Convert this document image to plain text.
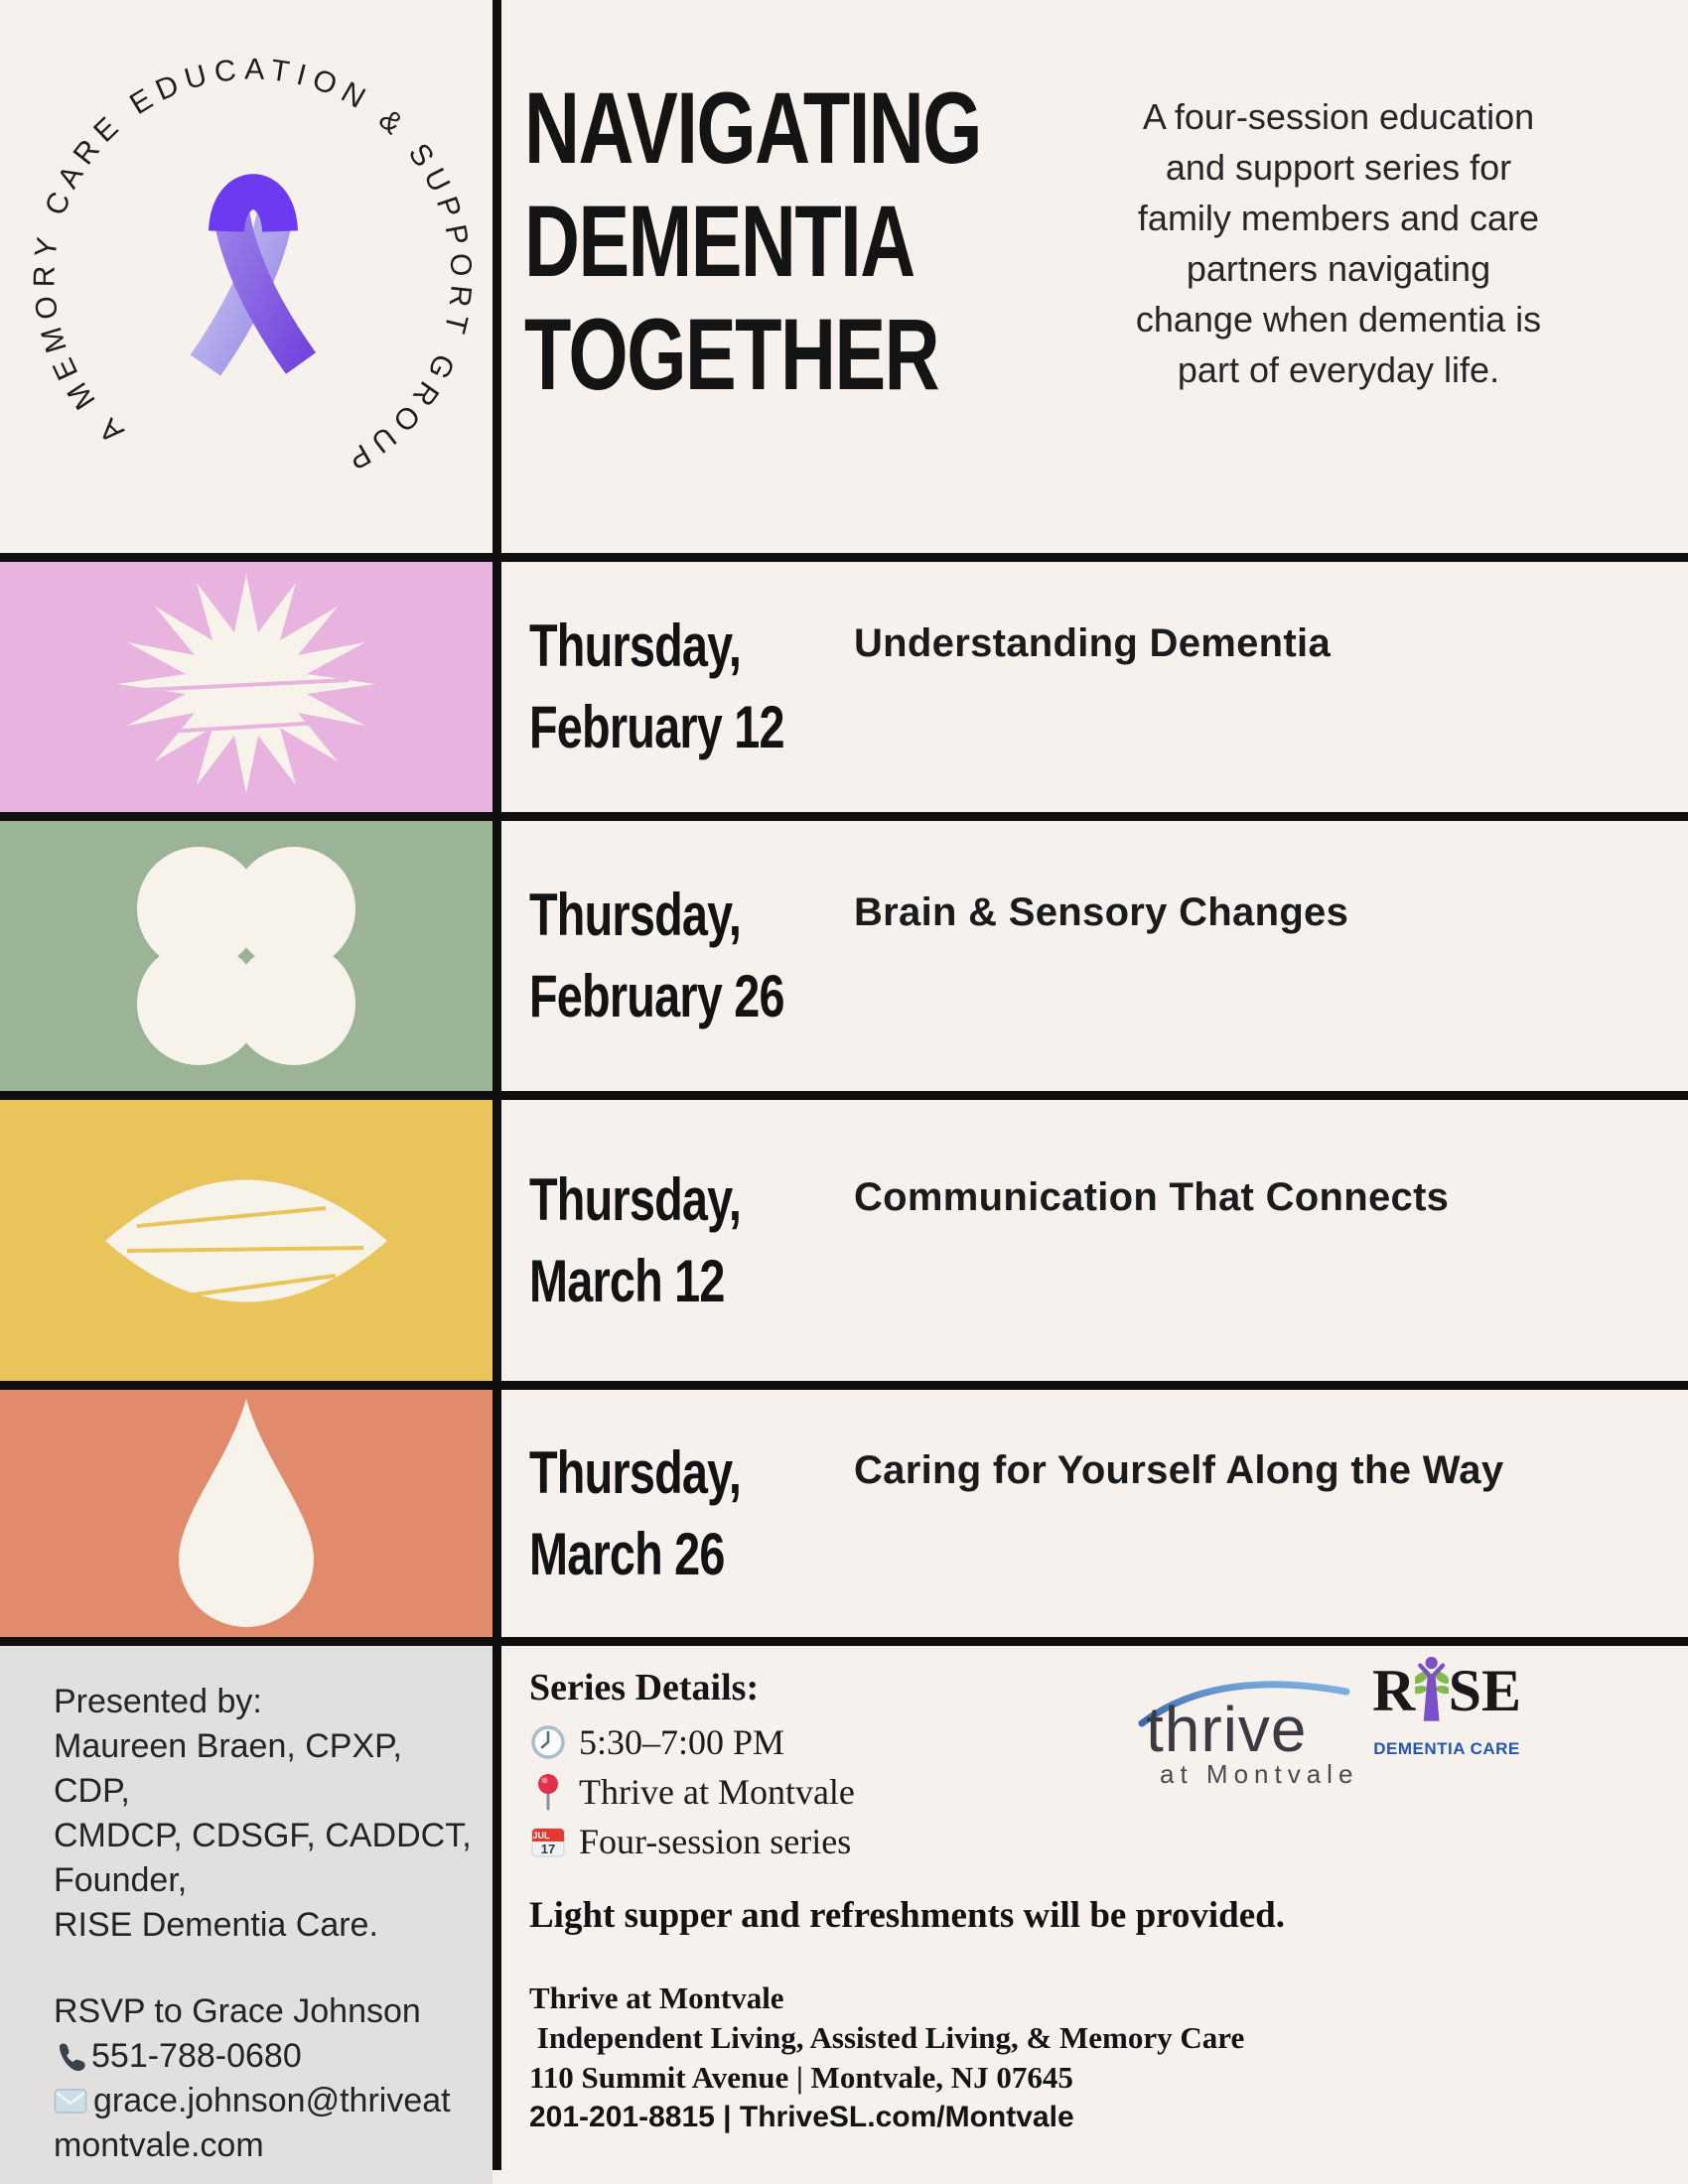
A MEMORY CARE EDUCATION & SUPPORT GROUP
NAVIGATING
DEMENTIA
TOGETHER
A four-session education
and support series for
family members and care
partners navigating
change when dementia is
part of everyday life.
Thursday,
February 12
Understanding Dementia
Thursday,
February 26
Brain & Sensory Changes
Thursday,
March 12
Communication That Connects
Thursday,
March 26
Caring for Yourself Along the Way
Presented by:
Maureen Braen, CPXP, CDP,
CMDCP, CDSGF, CADDCT,
Founder,
RISE Dementia Care.
RSVP to Grace Johnson
551-788-0680
grace.johnson@thriveat
montvale.com
Series Details:
5:30–7:00 PM
Thrive at Montvale
JUL
17 Four-session series
Light supper and refreshments will be provided.
Thrive at Montvale
Independent Living, Assisted Living, & Memory Care
110 Summit Avenue | Montvale, NJ 07645
201-201-8815 | ThriveSL.com/Montvale
thrive
at Montvale
R SE
DEMENTIA CARE
